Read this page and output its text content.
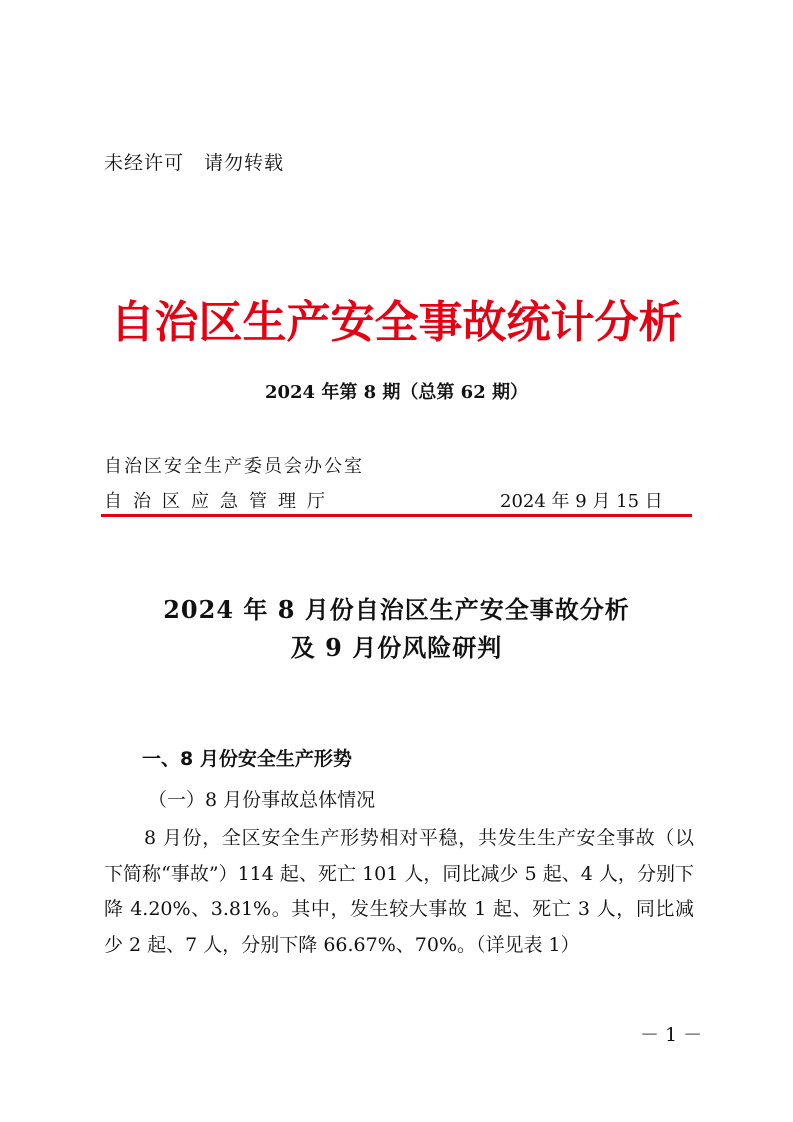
未经许可　请勿转载
自治区生产安全事故统计分析
2024 年第 8 期（总第 62 期）
自治区安全生产委员会办公室
自治区应急管理厅	2024 年 9 月 15 日
2024 年 8 月份自治区生产安全事故分析
及 9 月份风险研判
一、8 月份安全生产形势
（一）8 月份事故总体情况
8 月份，全区安全生产形势相对平稳，共发生生产安全事故（以下简称“事故”）114 起、死亡 101 人，同比减少 5 起、4 人，分别下降 4.20%、3.81%。其中，发生较大事故 1 起、死亡 3 人，同比减少 2 起、7 人，分别下降 66.67%、70%。（详见表 1）
－ 1 －
